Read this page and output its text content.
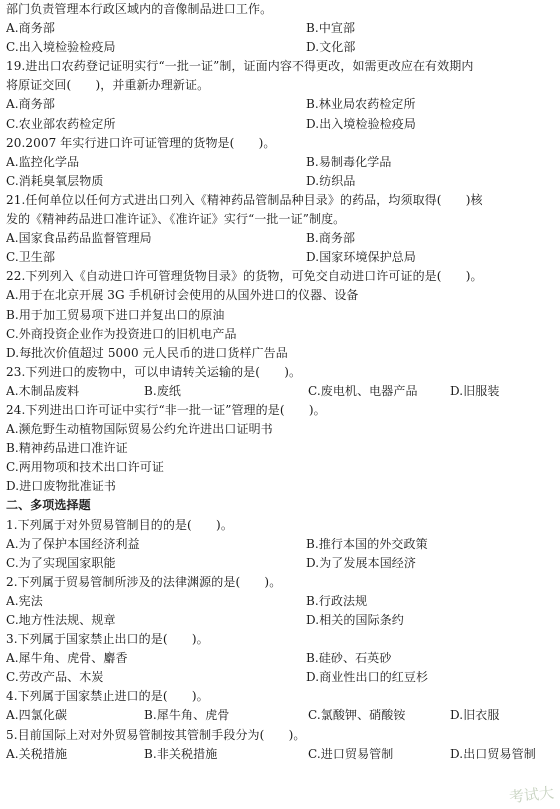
部门负责管理本行政区域内的音像制品进口工作。
A.商务部	B.中宣部
C.出入境检验检疫局	D.文化部
19.进出口农药登记证明实行“一批一证”制，证面内容不得更改，如需更改应在有效期内
将原证交回(　　)，并重新办理新证。
A.商务部	B.林业局农药检定所
C.农业部农药检定所	D.出入境检验检疫局
20.2007 年实行进口许可证管理的货物是(　　)。
A.监控化学品	B.易制毒化学品
C.消耗臭氧层物质	D.纺织品
21.任何单位以任何方式进出口列入《精神药品管制品种目录》的药品，均须取得(　　)核
发的《精神药品进口准许证》、《准许证》实行“一批一证”制度。
A.国家食品药品监督管理局	B.商务部
C.卫生部	D.国家环境保护总局
22.下列列入《自动进口许可管理货物目录》的货物，可免交自动进口许可证的是(　　)。
A.用于在北京开展 3G 手机研讨会使用的从国外进口的仪器、设备
B.用于加工贸易项下进口并复出口的原油
C.外商投资企业作为投资进口的旧机电产品
D.每批次价值超过 5000 元人民币的进口货样广告品
23.下列进口的废物中，可以申请转关运输的是(　　)。
A.木制品废料	B.废纸	C.废电机、电器产品	D.旧服装
24.下列进出口许可证中实行“非一批一证”管理的是(　　)。
A.濒危野生动植物国际贸易公约允许进出口证明书
B.精神药品进口准许证
C.两用物项和技术出口许可证
D.进口废物批准证书
二、多项选择题
1.下列属于对外贸易管制目的的是(　　)。
A.为了保护本国经济利益	B.推行本国的外交政策
C.为了实现国家职能	D.为了发展本国经济
2.下列属于贸易管制所涉及的法律渊源的是(　　)。
A.宪法	B.行政法规
C.地方性法规、规章	D.相关的国际条约
3.下列属于国家禁止出口的是(　　)。
A.犀牛角、虎骨、麝香	B.硅砂、石英砂
C.劳改产品、木炭	D.商业性出口的红豆杉
4.下列属于国家禁止进口的是(　　)。
A.四氯化碳	B.犀牛角、虎骨	C.氯酸钾、硝酸铵	D.旧衣服
5.目前国际上对对外贸易管制按其管制手段分为(　　)。
A.关税措施	B.非关税措施	C.进口贸易管制	D.出口贸易管制
考试大
